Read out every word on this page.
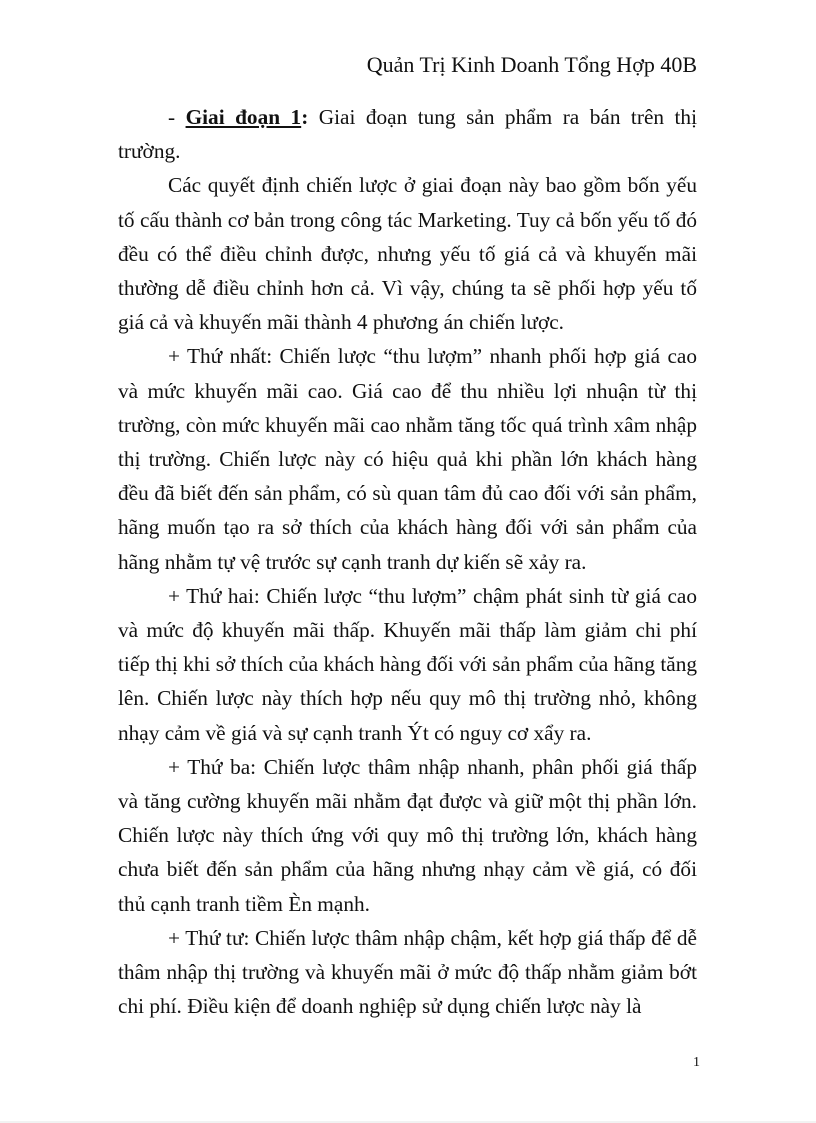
Quản Trị Kinh Doanh Tổng Hợp 40B

- Giai đoạn 1: Giai đoạn tung sản phẩm ra bán trên thị trường.

Các quyết định chiến lược ở giai đoạn này bao gồm bốn yếu tố cấu thành cơ bản trong công tác Marketing. Tuy cả bốn yếu tố đó đều có thể điều chỉnh được, nhưng yếu tố giá cả và khuyến mãi thường dễ điều chỉnh hơn cả. Vì vậy, chúng ta sẽ phối hợp yếu tố giá cả và khuyến mãi thành 4 phương án chiến lược.

+ Thứ nhất: Chiến lược “thu lượm” nhanh phối hợp giá cao và mức khuyến mãi cao. Giá cao để thu nhiều lợi nhuận từ thị trường, còn mức khuyến mãi cao nhằm tăng tốc quá trình xâm nhập thị trường. Chiến lược này có hiệu quả khi phần lớn khách hàng đều đã biết đến sản phẩm, có sù quan tâm đủ cao đối với sản phẩm, hãng muốn tạo ra sở thích của khách hàng đối với sản phẩm của hãng nhằm tự vệ trước sự cạnh tranh dự kiến sẽ xảy ra.

+ Thứ hai: Chiến lược “thu lượm” chậm phát sinh từ giá cao và mức độ khuyến mãi thấp. Khuyến mãi thấp làm giảm chi phí tiếp thị khi sở thích của khách hàng đối với sản phẩm của hãng tăng lên. Chiến lược này thích hợp nếu quy mô thị trường nhỏ, không nhạy cảm về giá và sự cạnh tranh Ýt có nguy cơ xẩy ra.

+ Thứ ba: Chiến lược thâm nhập nhanh, phân phối giá thấp và tăng cường khuyến mãi nhằm đạt được và giữ một thị phần lớn. Chiến lược này thích ứng với quy mô thị trường lớn, khách hàng chưa biết đến sản phẩm của hãng nhưng nhạy cảm về giá, có đối thủ cạnh tranh tiềm Èn mạnh.

+ Thứ tư: Chiến lược thâm nhập chậm, kết hợp giá thấp để dễ thâm nhập thị trường và khuyến mãi ở mức độ thấp nhằm giảm bớt chi phí. Điều kiện để doanh nghiệp sử dụng chiến lược này là

1
